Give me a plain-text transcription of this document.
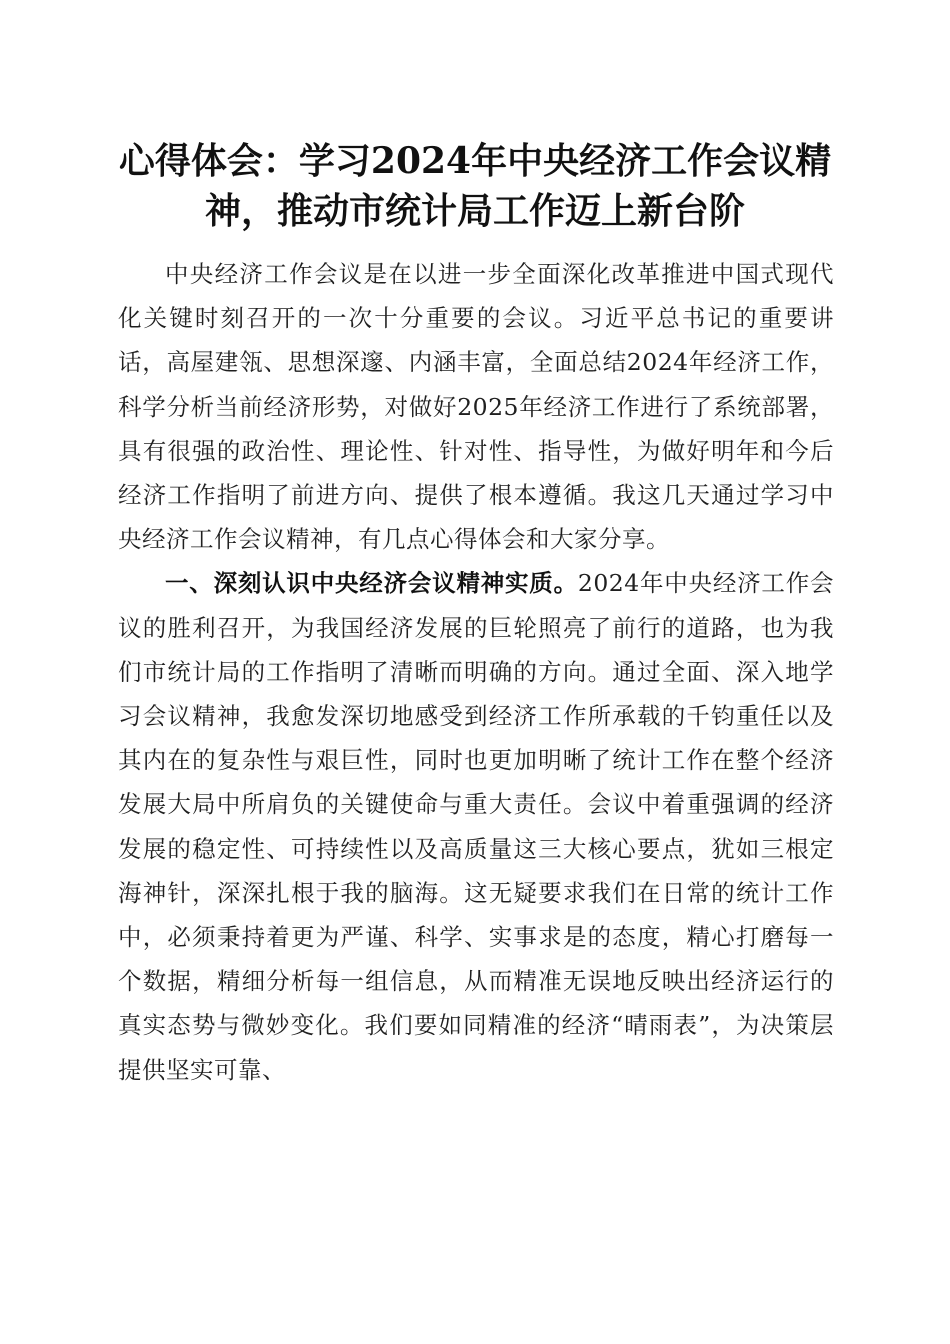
心得体会：学习2024年中央经济工作会议精
神，推动市统计局工作迈上新台阶

中央经济工作会议是在以进一步全面深化改革推进中国式现代化关键时刻召开的一次十分重要的会议。习近平总书记的重要讲话，高屋建瓴、思想深邃、内涵丰富，全面总结2024年经济工作，科学分析当前经济形势，对做好2025年经济工作进行了系统部署，具有很强的政治性、理论性、针对性、指导性，为做好明年和今后经济工作指明了前进方向、提供了根本遵循。我这几天通过学习中央经济工作会议精神，有几点心得体会和大家分享。

一、深刻认识中央经济会议精神实质。2024年中央经济工作会议的胜利召开，为我国经济发展的巨轮照亮了前行的道路，也为我们市统计局的工作指明了清晰而明确的方向。通过全面、深入地学习会议精神，我愈发深切地感受到经济工作所承载的千钧重任以及其内在的复杂性与艰巨性，同时也更加明晰了统计工作在整个经济发展大局中所肩负的关键使命与重大责任。会议中着重强调的经济发展的稳定性、可持续性以及高质量这三大核心要点，犹如三根定海神针，深深扎根于我的脑海。这无疑要求我们在日常的统计工作中，必须秉持着更为严谨、科学、实事求是的态度，精心打磨每一个数据，精细分析每一组信息，从而精准无误地反映出经济运行的真实态势与微妙变化。我们要如同精准的经济“晴雨表”，为决策层提供坚实可靠、
